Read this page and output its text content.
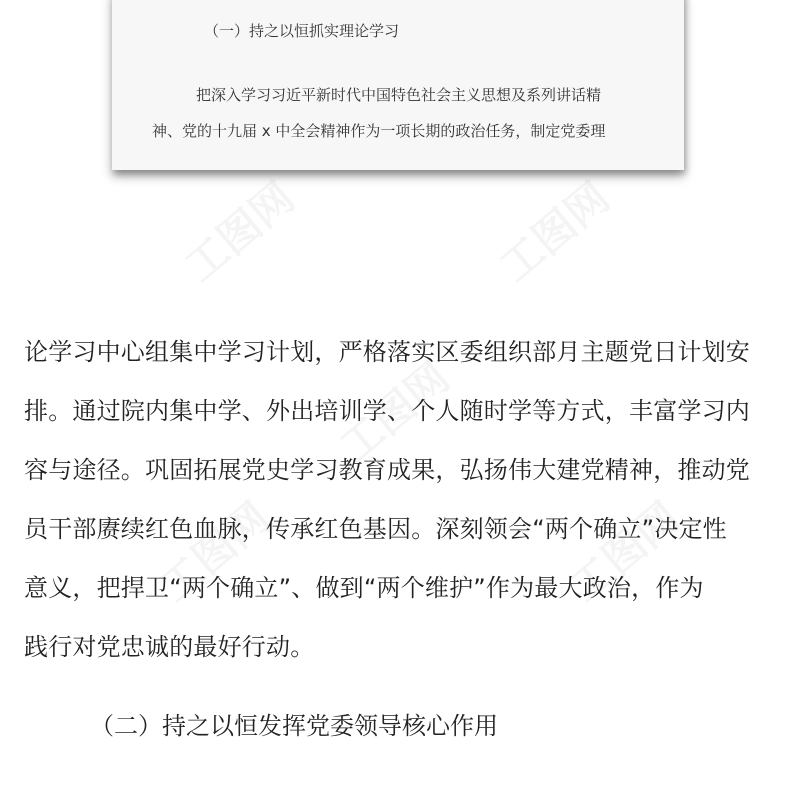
（一）持之以恒抓实理论学习
把深入学习习近平新时代中国特色社会主义思想及系列讲话精
神、党的十九届 x 中全会精神作为一项长期的政治任务，制定党委理
论学习中心组集中学习计划，严格落实区委组织部月主题党日计划安
排。通过院内集中学、外出培训学、个人随时学等方式，丰富学习内
容与途径。巩固拓展党史学习教育成果，弘扬伟大建党精神，推动党
员干部赓续红色血脉，传承红色基因。深刻领会“两个确立”决定性
意义，把捍卫“两个确立”、做到“两个维护”作为最大政治，作为
践行对党忠诚的最好行动。
（二）持之以恒发挥党委领导核心作用
